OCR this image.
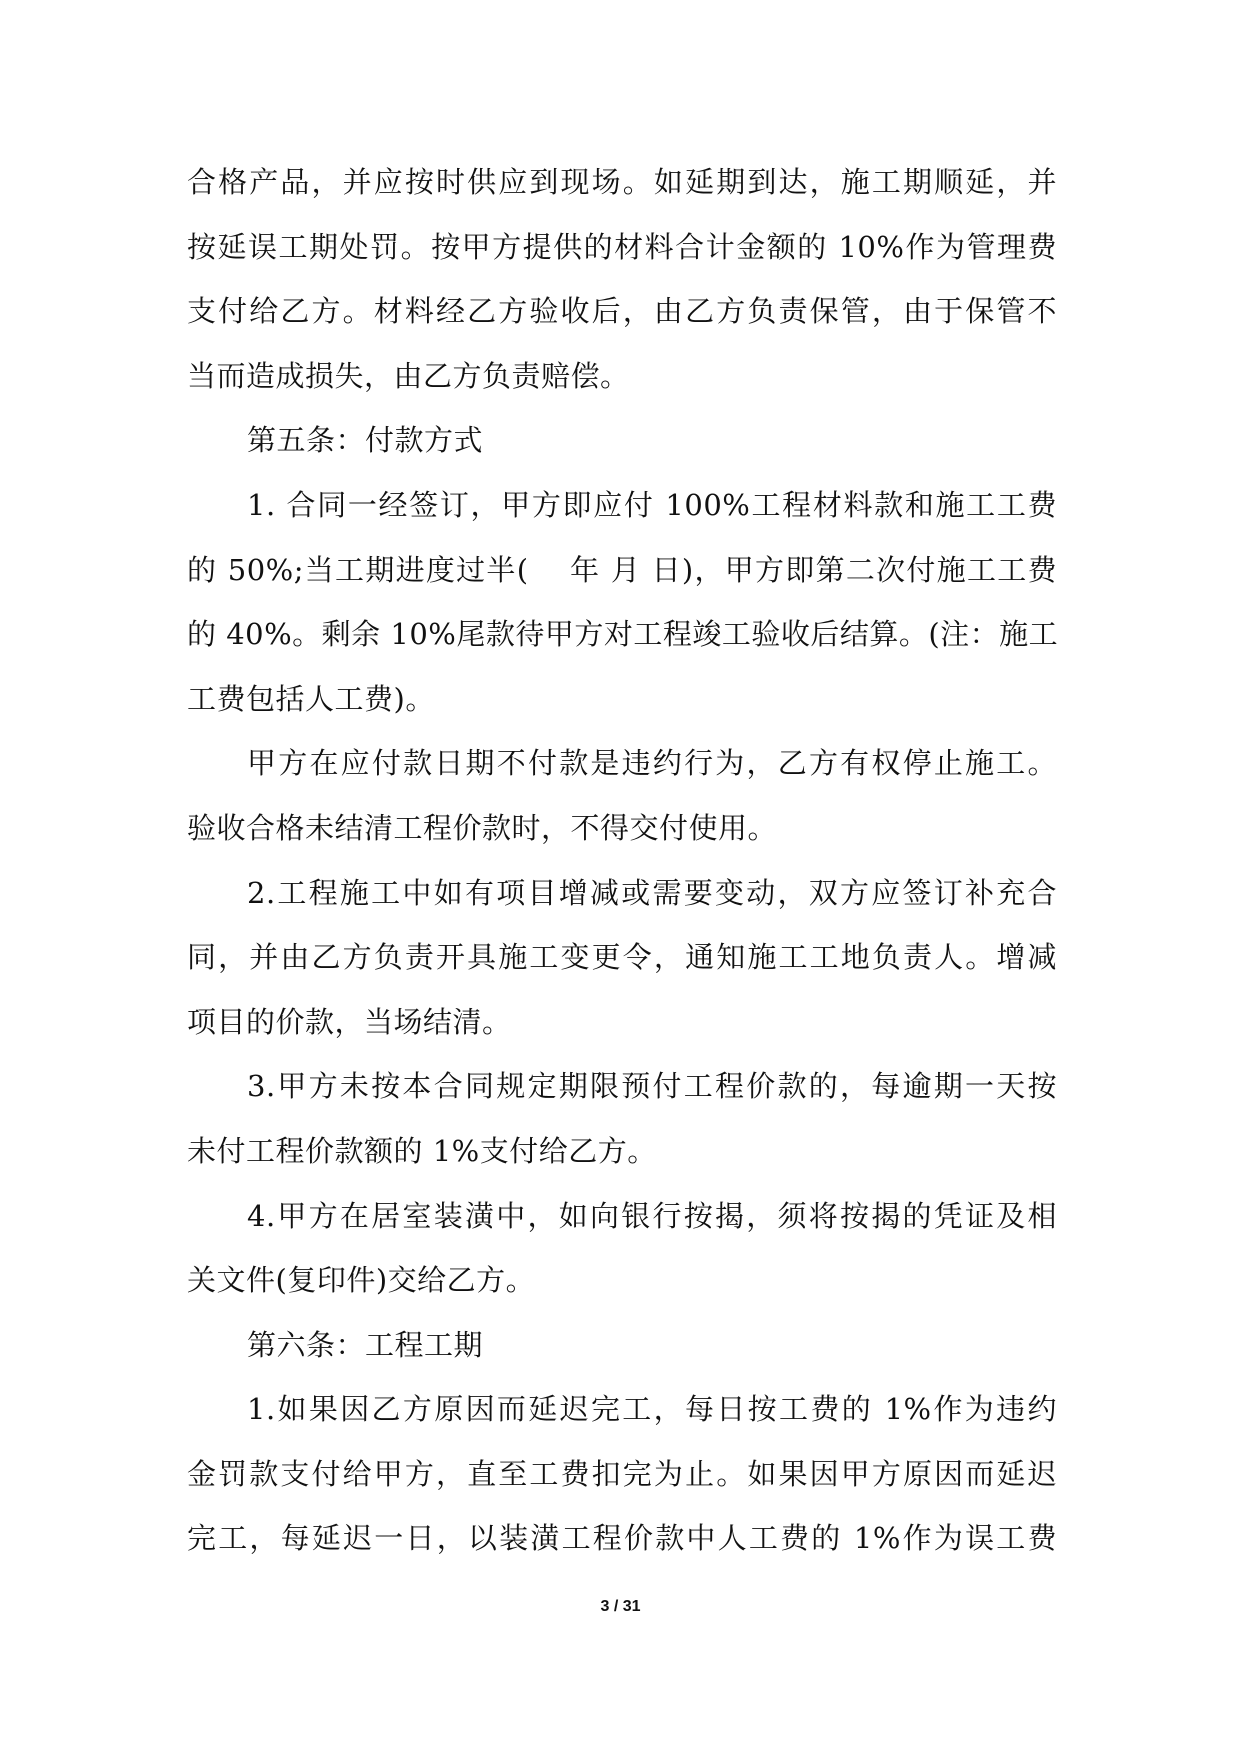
合格产品，并应按时供应到现场。如延期到达，施工期顺延，并
按延误工期处罚。按甲方提供的材料合计金额的 10%作为管理费
支付给乙方。材料经乙方验收后，由乙方负责保管，由于保管不
当而造成损失，由乙方负责赔偿。
第五条：付款方式
1. 合同一经签订，甲方即应付 100%工程材料款和施工工费
的 50%;当工期进度过半(　 年 月 日)，甲方即第二次付施工工费
的 40%。剩余 10%尾款待甲方对工程竣工验收后结算。(注：施工
工费包括人工费)。
甲方在应付款日期不付款是违约行为，乙方有权停止施工。
验收合格未结清工程价款时，不得交付使用。
2.工程施工中如有项目增减或需要变动，双方应签订补充合
同，并由乙方负责开具施工变更令，通知施工工地负责人。增减
项目的价款，当场结清。
3.甲方未按本合同规定期限预付工程价款的，每逾期一天按
未付工程价款额的 1%支付给乙方。
4.甲方在居室装潢中，如向银行按揭，须将按揭的凭证及相
关文件(复印件)交给乙方。
第六条：工程工期
1.如果因乙方原因而延迟完工，每日按工费的 1%作为违约
金罚款支付给甲方，直至工费扣完为止。如果因甲方原因而延迟
完工，每延迟一日，以装潢工程价款中人工费的 1%作为误工费
3 / 31
